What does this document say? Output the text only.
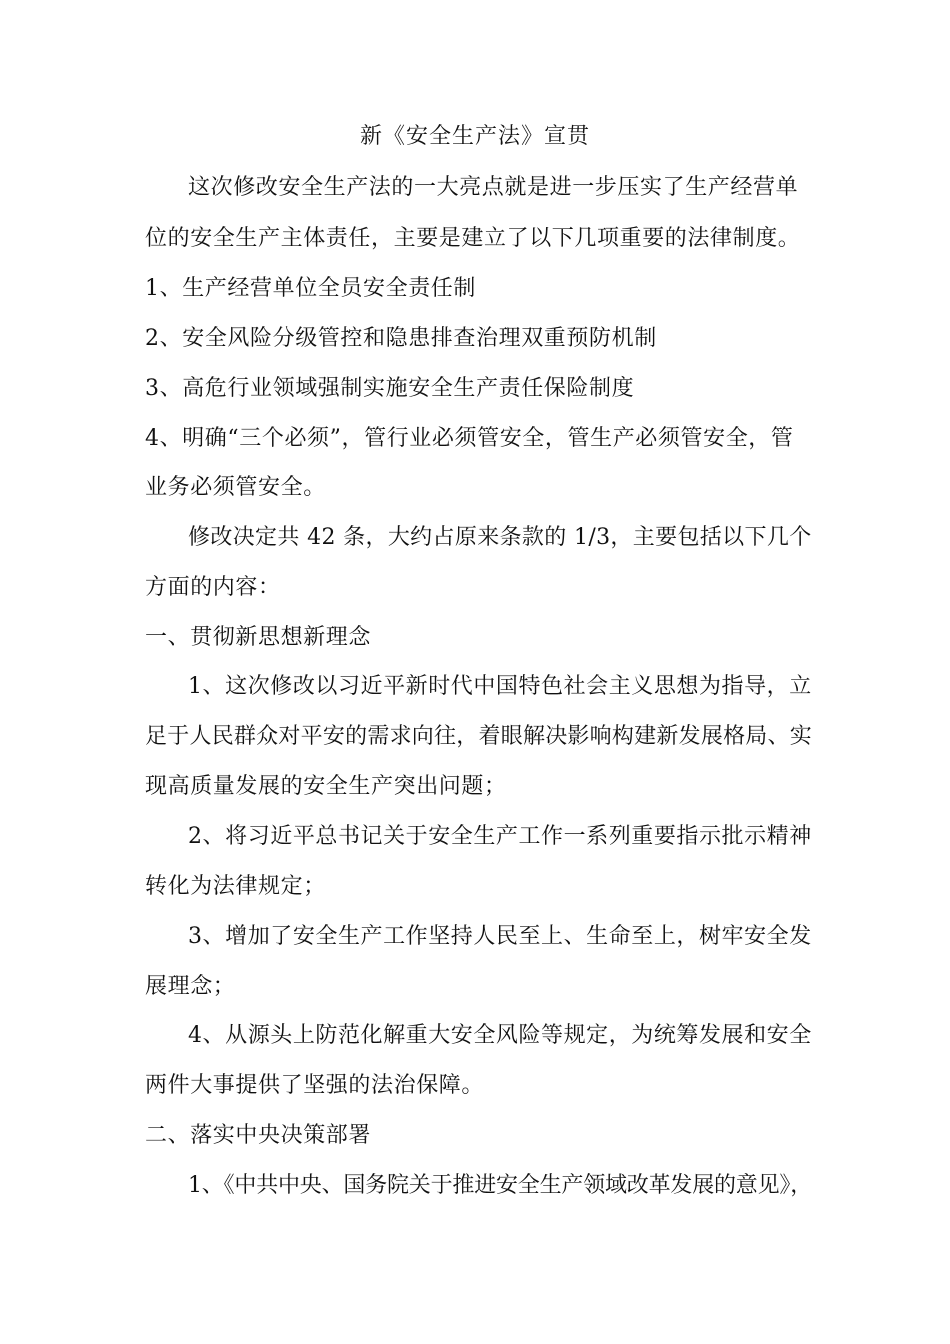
新《安全生产法》宣贯
这次修改安全生产法的一大亮点就是进一步压实了生产经营单
位的安全生产主体责任，主要是建立了以下几项重要的法律制度。
1、生产经营单位全员安全责任制
2、安全风险分级管控和隐患排查治理双重预防机制
3、高危行业领域强制实施安全生产责任保险制度
4、明确“三个必须”，管行业必须管安全，管生产必须管安全，管
业务必须管安全。
修改决定共 42 条，大约占原来条款的 1/3，主要包括以下几个
方面的内容：
一、贯彻新思想新理念
1、这次修改以习近平新时代中国特色社会主义思想为指导，立
足于人民群众对平安的需求向往，着眼解决影响构建新发展格局、实
现高质量发展的安全生产突出问题；
2、将习近平总书记关于安全生产工作一系列重要指示批示精神
转化为法律规定；
3、增加了安全生产工作坚持人民至上、生命至上，树牢安全发
展理念；
4、从源头上防范化解重大安全风险等规定，为统筹发展和安全
两件大事提供了坚强的法治保障。
二、落实中央决策部署
1、《中共中央、国务院关于推进安全生产领域改革发展的意见》，
